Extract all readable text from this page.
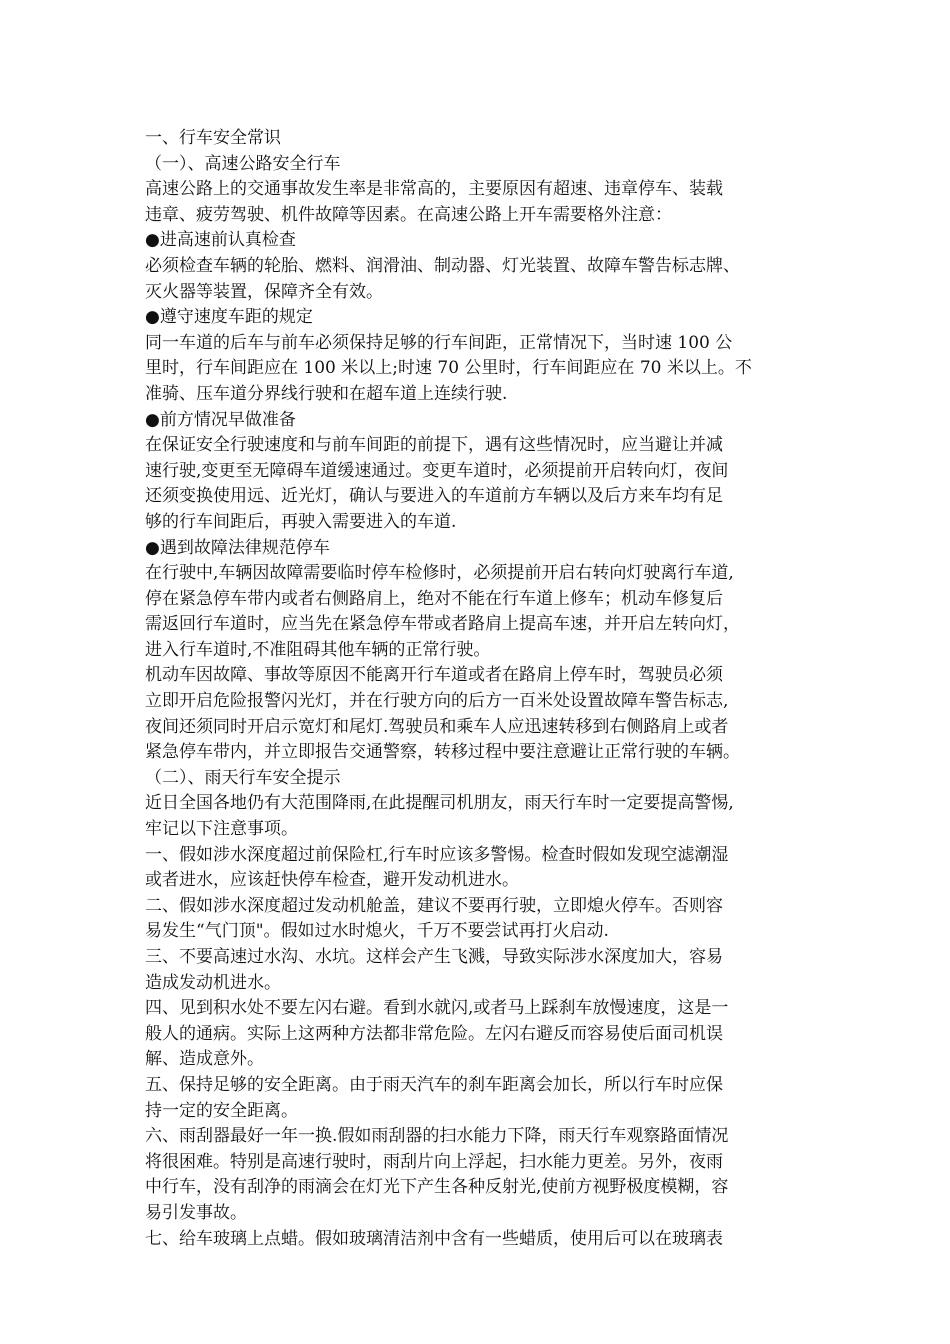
一、行车安全常识
（一）、高速公路安全行车
高速公路上的交通事故发生率是非常高的，主要原因有超速、违章停车、装载
违章、疲劳驾驶、机件故障等因素。在高速公路上开车需要格外注意：
●进高速前认真检查
必须检查车辆的轮胎、燃料、润滑油、制动器、灯光装置、故障车警告标志牌、
灭火器等装置，保障齐全有效。
●遵守速度车距的规定
同一车道的后车与前车必须保持足够的行车间距，正常情况下，当时速 100 公
里时，行车间距应在 100 米以上;时速 70 公里时，行车间距应在 70 米以上。不
准骑、压车道分界线行驶和在超车道上连续行驶.
●前方情况早做准备
在保证安全行驶速度和与前车间距的前提下，遇有这些情况时，应当避让并减
速行驶,变更至无障碍车道缓速通过。变更车道时，必须提前开启转向灯，夜间
还须变换使用远、近光灯，确认与要进入的车道前方车辆以及后方来车均有足
够的行车间距后，再驶入需要进入的车道.
●遇到故障法律规范停车
在行驶中,车辆因故障需要临时停车检修时，必须提前开启右转向灯驶离行车道,
停在紧急停车带内或者右侧路肩上，绝对不能在行车道上修车；机动车修复后
需返回行车道时，应当先在紧急停车带或者路肩上提高车速，并开启左转向灯，
进入行车道时,不准阻碍其他车辆的正常行驶。
机动车因故障、事故等原因不能离开行车道或者在路肩上停车时，驾驶员必须
立即开启危险报警闪光灯，并在行驶方向的后方一百米处设置故障车警告标志,
夜间还须同时开启示宽灯和尾灯.驾驶员和乘车人应迅速转移到右侧路肩上或者
紧急停车带内，并立即报告交通警察，转移过程中要注意避让正常行驶的车辆。
（二）、雨天行车安全提示
近日全国各地仍有大范围降雨,在此提醒司机朋友，雨天行车时一定要提高警惕,
牢记以下注意事项。
一、假如涉水深度超过前保险杠,行车时应该多警惕。检查时假如发现空滤潮湿
或者进水，应该赶快停车检查，避开发动机进水。
二、假如涉水深度超过发动机舱盖，建议不要再行驶，立即熄火停车。否则容
易发生“气门顶"。假如过水时熄火，千万不要尝试再打火启动.
三、不要高速过水沟、水坑。这样会产生飞溅，导致实际涉水深度加大，容易
造成发动机进水。
四、见到积水处不要左闪右避。看到水就闪,或者马上踩刹车放慢速度，这是一
般人的通病。实际上这两种方法都非常危险。左闪右避反而容易使后面司机误
解、造成意外。
五、保持足够的安全距离。由于雨天汽车的刹车距离会加长，所以行车时应保
持一定的安全距离。
六、雨刮器最好一年一换.假如雨刮器的扫水能力下降，雨天行车观察路面情况
将很困难。特别是高速行驶时，雨刮片向上浮起，扫水能力更差。另外，夜雨
中行车，没有刮净的雨滴会在灯光下产生各种反射光,使前方视野极度模糊，容
易引发事故。
七、给车玻璃上点蜡。假如玻璃清洁剂中含有一些蜡质，使用后可以在玻璃表
